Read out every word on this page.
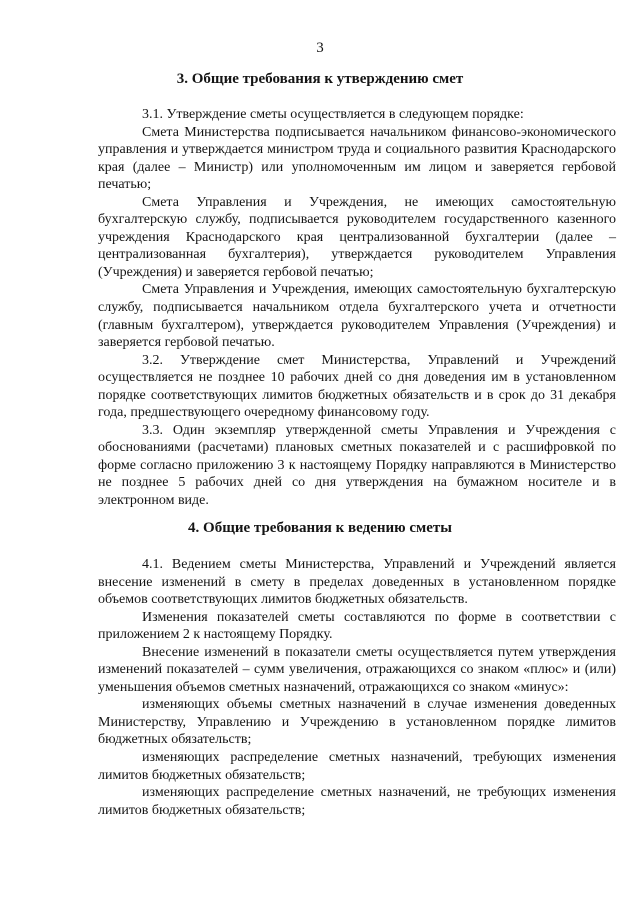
3
3. Общие требования к утверждению смет

3.1. Утверждение сметы осуществляется в следующем порядке:

Смета Министерства подписывается начальником финансово-экономического управления и утверждается министром труда и социального развития Краснодарского края (далее – Министр) или уполномоченным им лицом и заверяется гербовой печатью;

Смета Управления и Учреждения, не имеющих самостоятельную бухгалтерскую службу, подписывается руководителем государственного казенного учреждения Краснодарского края централизованной бухгалтерии (далее – централизованная бухгалтерия), утверждается руководителем Управления (Учреждения) и заверяется гербовой печатью;

Смета Управления и Учреждения, имеющих самостоятельную бухгалтерскую службу, подписывается начальником отдела бухгалтерского учета и отчетности (главным бухгалтером), утверждается руководителем Управления (Учреждения) и заверяется гербовой печатью.

3.2. Утверждение смет Министерства, Управлений и Учреждений осуществляется не позднее 10 рабочих дней со дня доведения им в установленном порядке соответствующих лимитов бюджетных обязательств и в срок до 31 декабря года, предшествующего очередному финансовому году.

3.3. Один экземпляр утвержденной сметы Управления и Учреждения с обоснованиями (расчетами) плановых сметных показателей и с расшифровкой по форме согласно приложению 3 к настоящему Порядку направляются в Министерство не позднее 5 рабочих дней со дня утверждения на бумажном носителе и в электронном виде.

4. Общие требования к ведению сметы

4.1. Ведением сметы Министерства, Управлений и Учреждений является внесение изменений в смету в пределах доведенных в установленном порядке объемов соответствующих лимитов бюджетных обязательств.

Изменения показателей сметы составляются по форме в соответствии с приложением 2 к настоящему Порядку.

Внесение изменений в показатели сметы осуществляется путем утверждения изменений показателей – сумм увеличения, отражающихся со знаком «плюс» и (или) уменьшения объемов сметных назначений, отражающихся со знаком «минус»:

изменяющих объемы сметных назначений в случае изменения доведенных Министерству, Управлению и Учреждению в установленном порядке лимитов бюджетных обязательств;

изменяющих распределение сметных назначений, требующих изменения лимитов бюджетных обязательств;

изменяющих распределение сметных назначений, не требующих изменения лимитов бюджетных обязательств;
